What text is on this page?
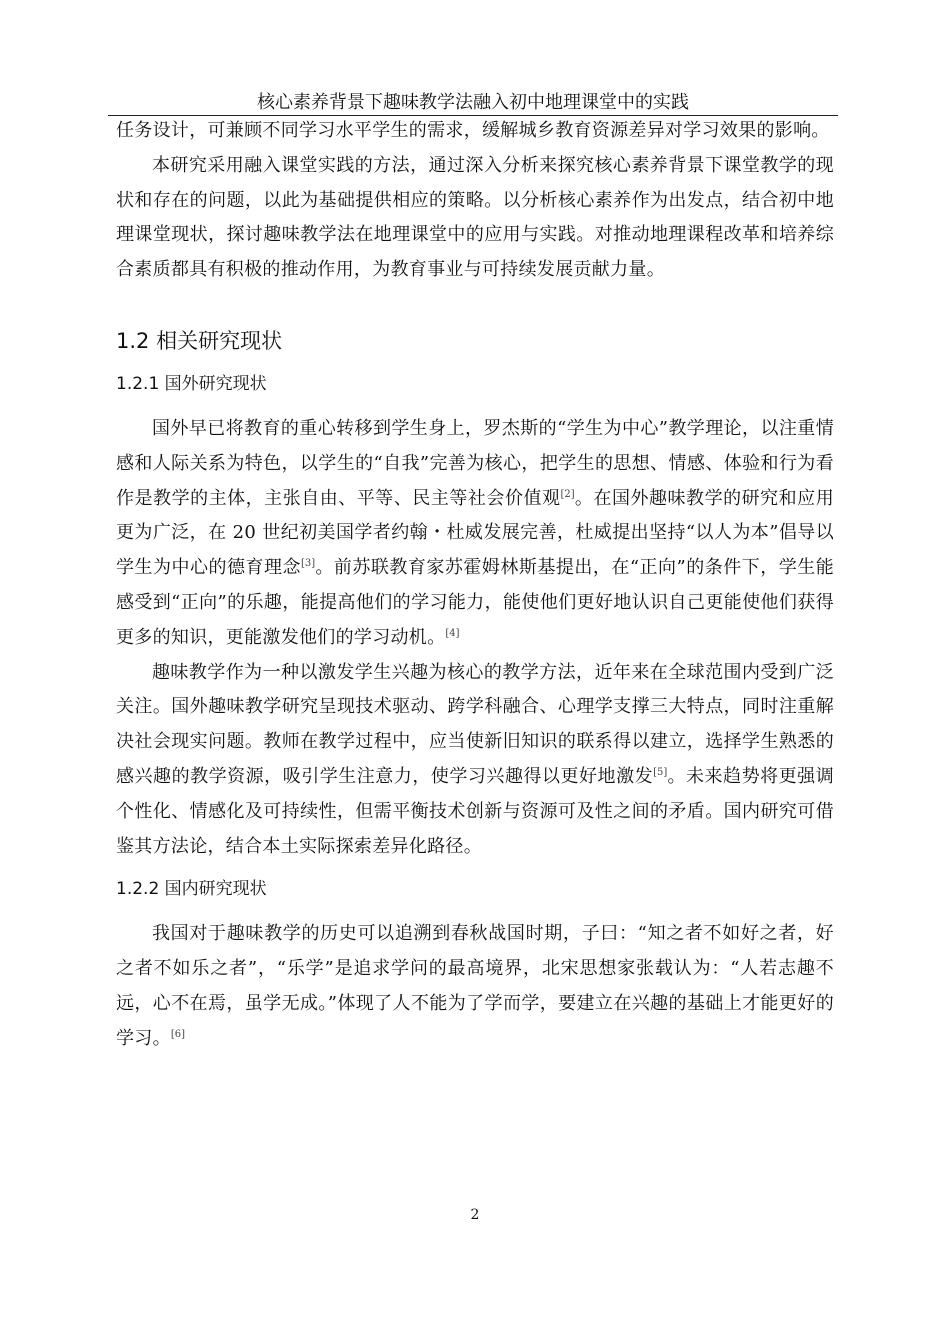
核心素养背景下趣味教学法融入初中地理课堂中的实践

任务设计，可兼顾不同学习水平学生的需求，缓解城乡教育资源差异对学习效果的影响。

本研究采用融入课堂实践的方法，通过深入分析来探究核心素养背景下课堂教学的现状和存在的问题，以此为基础提供相应的策略。以分析核心素养作为出发点，结合初中地理课堂现状，探讨趣味教学法在地理课堂中的应用与实践。对推动地理课程改革和培养综合素质都具有积极的推动作用，为教育事业与可持续发展贡献力量。

1.2 相关研究现状
1.2.1 国外研究现状

国外早已将教育的重心转移到学生身上，罗杰斯的“学生为中心”教学理论，以注重情感和人际关系为特色，以学生的“自我”完善为核心，把学生的思想、情感、体验和行为看作是教学的主体，主张自由、平等、民主等社会价值观[2]。在国外趣味教学的研究和应用更为广泛，在 20 世纪初美国学者约翰・杜威发展完善，杜威提出坚持“以人为本”倡导以学生为中心的德育理念[3]。前苏联教育家苏霍姆林斯基提出，在“正向”的条件下，学生能感受到“正向”的乐趣，能提高他们的学习能力，能使他们更好地认识自己更能使他们获得更多的知识，更能激发他们的学习动机。[4]

趣味教学作为一种以激发学生兴趣为核心的教学方法，近年来在全球范围内受到广泛关注。国外趣味教学研究呈现技术驱动、跨学科融合、心理学支撑三大特点，同时注重解决社会现实问题。教师在教学过程中，应当使新旧知识的联系得以建立，选择学生熟悉的感兴趣的教学资源，吸引学生注意力，使学习兴趣得以更好地激发[5]。未来趋势将更强调个性化、情感化及可持续性，但需平衡技术创新与资源可及性之间的矛盾。国内研究可借鉴其方法论，结合本土实际探索差异化路径。

1.2.2 国内研究现状

我国对于趣味教学的历史可以追溯到春秋战国时期，子曰：“知之者不如好之者，好之者不如乐之者”，“乐学”是追求学问的最高境界，北宋思想家张载认为：“人若志趣不远，心不在焉，虽学无成。”体现了人不能为了学而学，要建立在兴趣的基础上才能更好的学习。[6]

2
